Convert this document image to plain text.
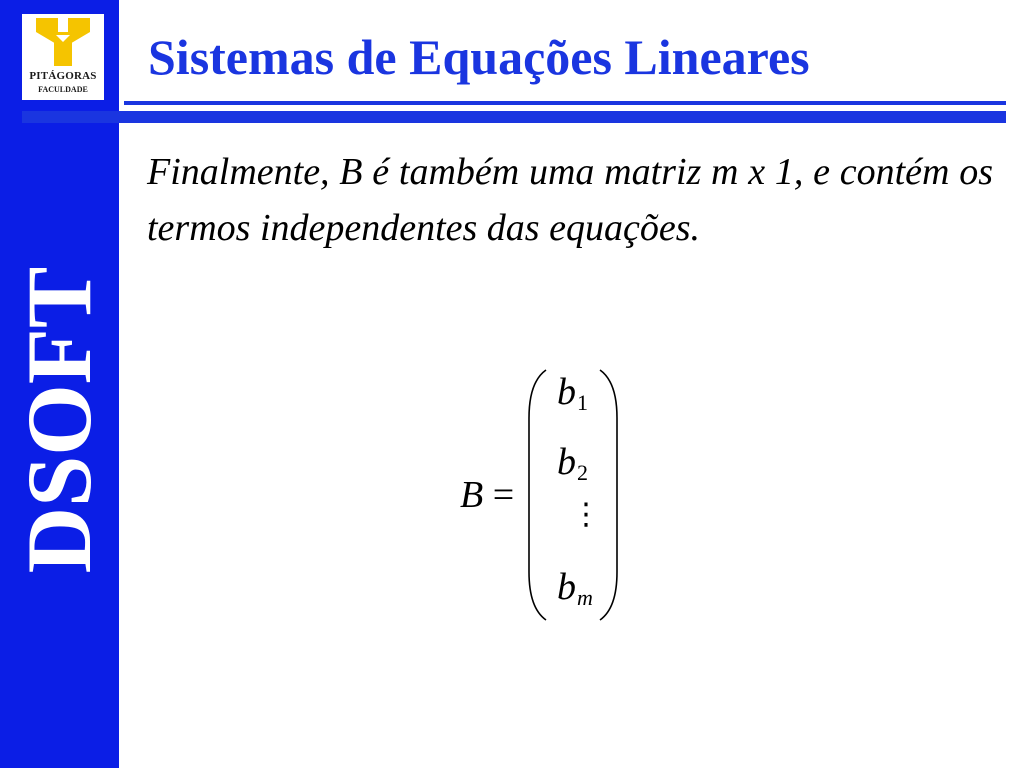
PITÁGORAS
FACULDADE
DSOFT
Sistemas de Equações Lineares

Finalmente, B é também uma matriz m x 1, e contém os termos independentes das equações.

B =
b1
b2
⋮
bm
